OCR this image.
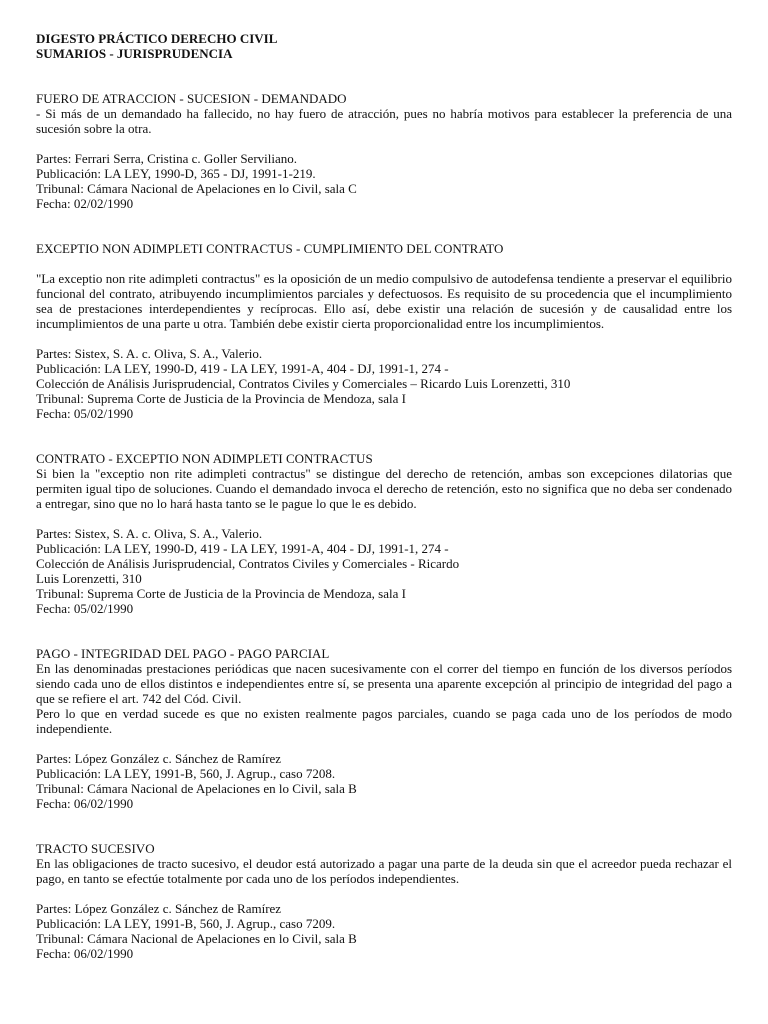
DIGESTO PRÁCTICO DERECHO CIVIL
SUMARIOS - JURISPRUDENCIA
FUERO DE ATRACCION - SUCESION - DEMANDADO

- Si más de un demandado ha fallecido, no hay fuero de atracción, pues no habría motivos para establecer la preferencia de una sucesión sobre la otra.

Partes: Ferrari Serra, Cristina c. Goller Serviliano.
Publicación: LA LEY, 1990-D, 365 - DJ, 1991-1-219.
Tribunal: Cámara Nacional de Apelaciones en lo Civil, sala C
Fecha: 02/02/1990
EXCEPTIO NON ADIMPLETI CONTRACTUS - CUMPLIMIENTO DEL CONTRATO

"La exceptio non rite adimpleti contractus" es la oposición de un medio compulsivo de autodefensa tendiente a preservar el equilibrio funcional del contrato, atribuyendo incumplimientos parciales y defectuosos. Es requisito de su procedencia que el incumplimiento sea de prestaciones interdependientes y recíprocas. Ello así, debe existir una relación de sucesión y de causalidad entre los incumplimientos de una parte u otra. También debe existir cierta proporcionalidad entre los incumplimientos.

Partes: Sistex, S. A. c. Oliva, S. A., Valerio.
Publicación: LA LEY, 1990-D, 419 - LA LEY, 1991-A, 404 - DJ, 1991-1, 274 -
Colección de Análisis Jurisprudencial, Contratos Civiles y Comerciales – Ricardo Luis Lorenzetti, 310
Tribunal: Suprema Corte de Justicia de la Provincia de Mendoza, sala I
Fecha: 05/02/1990
CONTRATO - EXCEPTIO NON ADIMPLETI CONTRACTUS

Si bien la "exceptio non rite adimpleti contractus" se distingue del derecho de retención, ambas son excepciones dilatorias que permiten igual tipo de soluciones. Cuando el demandado invoca el derecho de retención, esto no significa que no deba ser condenado a entregar, sino que no lo hará hasta tanto se le pague lo que le es debido.

Partes: Sistex, S. A. c. Oliva, S. A., Valerio.
Publicación: LA LEY, 1990-D, 419 - LA LEY, 1991-A, 404 - DJ, 1991-1, 274 -
Colección de Análisis Jurisprudencial, Contratos Civiles y Comerciales - Ricardo
Luis Lorenzetti, 310
Tribunal: Suprema Corte de Justicia de la Provincia de Mendoza, sala I
Fecha: 05/02/1990
PAGO - INTEGRIDAD DEL PAGO - PAGO PARCIAL

En las denominadas prestaciones periódicas que nacen sucesivamente con el correr del tiempo en función de los diversos períodos siendo cada uno de ellos distintos e independientes entre sí, se presenta una aparente excepción al principio de integridad del pago a que se refiere el art. 742 del Cód. Civil.

Pero lo que en verdad sucede es que no existen realmente pagos parciales, cuando se paga cada uno de los períodos de modo independiente.

Partes: López González c. Sánchez de Ramírez
Publicación: LA LEY, 1991-B, 560, J. Agrup., caso 7208.
Tribunal: Cámara Nacional de Apelaciones en lo Civil, sala B
Fecha: 06/02/1990
TRACTO SUCESIVO

En las obligaciones de tracto sucesivo, el deudor está autorizado a pagar una parte de la deuda sin que el acreedor pueda rechazar el pago, en tanto se efectúe totalmente por cada uno de los períodos independientes.

Partes: López González c. Sánchez de Ramírez
Publicación: LA LEY, 1991-B, 560, J. Agrup., caso 7209.
Tribunal: Cámara Nacional de Apelaciones en lo Civil, sala B
Fecha: 06/02/1990
